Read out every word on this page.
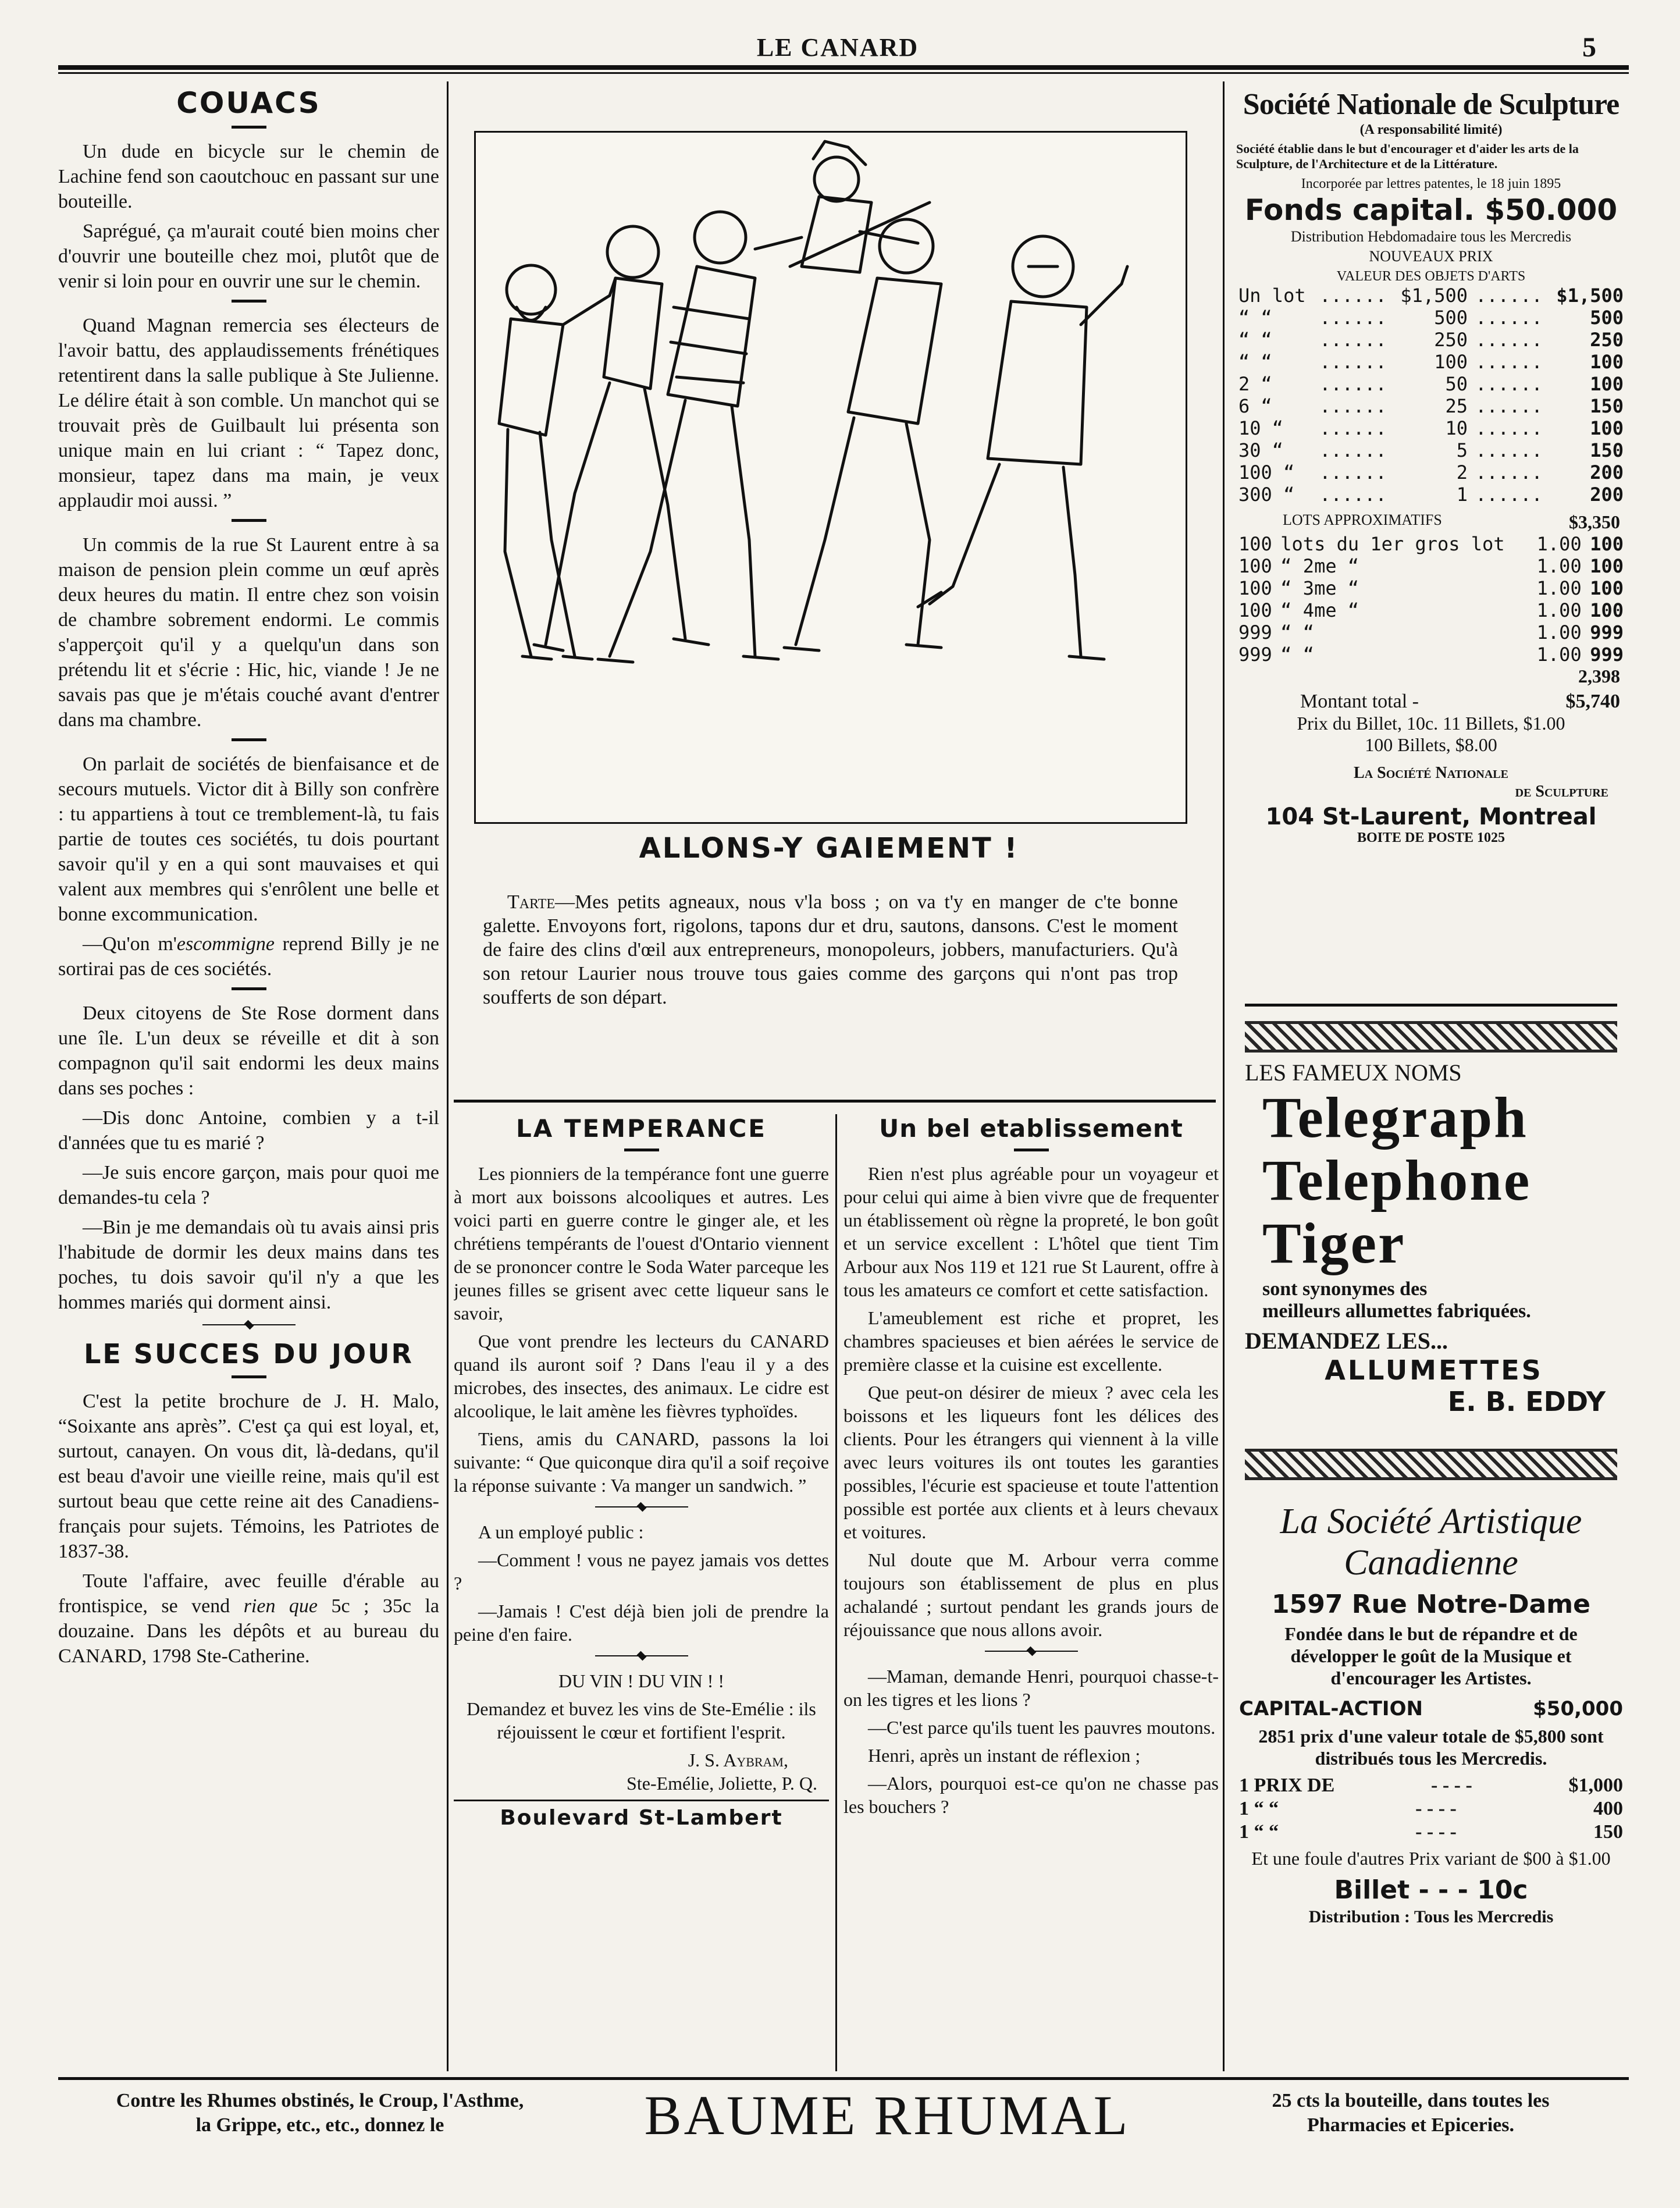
LE CANARD	5
COUACS

Un dude en bicycle sur le chemin de Lachine fend son caoutchouc en passant sur une bouteille.

Saprégué, ça m'aurait couté bien moins cher d'ouvrir une bouteille chez moi, plutôt que de venir si loin pour en ouvrir une sur le chemin.

Quand Magnan remercia ses électeurs de l'avoir battu, des applaudissements frénétiques retentirent dans la salle publique à Ste Julienne. Le délire était à son comble. Un manchot qui se trouvait près de Guilbault lui présenta son unique main en lui criant : “ Tapez donc, monsieur, tapez dans ma main, je veux applaudir moi aussi. ”

Un commis de la rue St Laurent entre à sa maison de pension plein comme un œuf après deux heures du matin. Il entre chez son voisin de chambre sobrement endormi. Le commis s'apperçoit qu'il y a quelqu'un dans son prétendu lit et s'écrie : Hic, hic, viande ! Je ne savais pas que je m'étais couché avant d'entrer dans ma chambre.

On parlait de sociétés de bienfaisance et de secours mutuels. Victor dit à Billy son confrère : tu appartiens à tout ce tremblement-là, tu fais partie de toutes ces sociétés, tu dois pourtant savoir qu'il y en a qui sont mauvaises et qui valent aux membres qui s'enrôlent une belle et bonne excommunication.

—Qu'on m'escommigne reprend Billy je ne sortirai pas de ces sociétés.

Deux citoyens de Ste Rose dorment dans une île. L'un deux se réveille et dit à son compagnon qu'il sait endormi les deux mains dans ses poches :

—Dis donc Antoine, combien y a t-il d'années que tu es marié ?

—Je suis encore garçon, mais pour quoi me demandes-tu cela ?

—Bin je me demandais où tu avais ainsi pris l'habitude de dormir les deux mains dans tes poches, tu dois savoir qu'il n'y a que les hommes mariés qui dorment ainsi.

LE SUCCES DU JOUR

C'est la petite brochure de J. H. Malo, “Soixante ans après”. C'est ça qui est loyal, et, surtout, canayen. On vous dit, là-dedans, qu'il est beau d'avoir une vieille reine, mais qu'il est surtout beau que cette reine ait des Canadiens-français pour sujets. Témoins, les Patriotes de 1837-38.

Toute l'affaire, avec feuille d'érable au frontispice, se vend rien que 5c ; 35c la douzaine. Dans les dépôts et au bureau du CANARD, 1798 Ste-Catherine.

ALLONS-Y GAIEMENT !

Tarte—Mes petits agneaux, nous v'la boss ; on va t'y en manger de c'te bonne galette. Envoyons fort, rigolons, tapons dur et dru, sautons, dansons. C'est le moment de faire des clins d'œil aux entrepreneurs, monopoleurs, jobbers, manufacturiers. Qu'à son retour Laurier nous trouve tous gaies comme des garçons qui n'ont pas trop soufferts de son départ.

LA TEMPERANCE

Les pionniers de la tempérance font une guerre à mort aux boissons alcooliques et autres. Les voici parti en guerre contre le ginger ale, et les chrétiens tempérants de l'ouest d'Ontario viennent de se prononcer contre le Soda Water parceque les jeunes filles se grisent avec cette liqueur sans le savoir,

Que vont prendre les lecteurs du CANARD quand ils auront soif ? Dans l'eau il y a des microbes, des insectes, des animaux. Le cidre est alcoolique, le lait amène les fièvres typhoïdes.

Tiens, amis du CANARD, passons la loi suivante: “ Que quiconque dira qu'il a soif reçoive la réponse suivante : Va manger un sandwich. ”

A un employé public :

—Comment ! vous ne payez jamais vos dettes ?

—Jamais ! C'est déjà bien joli de prendre la peine d'en faire.

DU VIN ! DU VIN ! !

Demandez et buvez les vins de Ste-Emélie : ils réjouissent le cœur et fortifient l'esprit.

J. S. Aybram,

Ste-Emélie, Joliette, P. Q.

Boulevard St-Lambert
Un bel etablissement

Rien n'est plus agréable pour un voyageur et pour celui qui aime à bien vivre que de frequenter un établissement où règne la propreté, le bon goût et un service excellent : L'hôtel que tient Tim Arbour aux Nos 119 et 121 rue St Laurent, offre à tous les amateurs ce comfort et cette satisfaction.

L'ameublement est riche et propret, les chambres spacieuses et bien aérées le service de première classe et la cuisine est excellente.

Que peut-on désirer de mieux ? avec cela les boissons et les liqueurs font les délices des clients. Pour les étrangers qui viennent à la ville avec leurs voitures ils ont toutes les garanties possibles, l'écurie est spacieuse et toute l'attention possible est portée aux clients et à leurs chevaux et voitures.

Nul doute que M. Arbour verra comme toujours son établissement de plus en plus achalandé ; surtout pendant les grands jours de réjouissance que nous allons avoir.

—Maman, demande Henri, pourquoi chasse-t-on les tigres et les lions ?

—C'est parce qu'ils tuent les pauvres moutons.

Henri, après un instant de réflexion ;

—Alors, pourquoi est-ce qu'on ne chasse pas les bouchers ?

Société Nationale de Sculpture
(A responsabilité limité)
Société établie dans le but d'encourager et d'aider les arts de la Sculpture, de l'Architecture et de la Littérature.
Incorporée par lettres patentes, le 18 juin 1895
Fonds capital. $50.000
Distribution Hebdomadaire tous les Mercredis
NOUVEAUX PRIX
VALEUR DES OBJETS D'ARTS
Un lot	......	$1,500	......	$1,500
“ “	......	500	......	500
“ “	......	250	......	250
“ “	......	100	......	100
2 “	......	50	......	100
6 “	......	25	......	150
10 “	......	10	......	100
30 “	......	5	......	150
100 “	......	2	......	200
300 “	......	1	......	200
LOTS APPROXIMATIFS	$3,350
100	lots du 1er gros lot	1.00	100
100	“ 2me “	1.00	100
100	“ 3me “	1.00	100
100	“ 4me “	1.00	100
999	“ “	1.00	999
999	“ “	1.00	999
2,398
Montant total -	$5,740
Prix du Billet, 10c. 11 Billets, $1.00
100 Billets, $8.00
La Société Nationale
de Sculpture
104 St-Laurent, Montreal
BOITE DE POSTE 1025
LES FAMEUX NOMS
Telegraph
Telephone
Tiger
sont synonymes des
meilleurs allumettes fabriquées.
DEMANDEZ LES...
ALLUMETTES
E. B. EDDY
La Société Artistique
Canadienne
1597 Rue Notre-Dame
Fondée dans le but de répandre et de développer le goût de la Musique et d'encourager les Artistes.
CAPITAL-ACTION	$50,000
2851 prix d'une valeur totale de $5,800 sont distribués tous les Mercredis.
1 PRIX DE	- - - -	$1,000
1 “ “	- - - -	400
1 “ “	- - - -	150
Et une foule d'autres Prix variant de $00 à $1.00
Billet - - - 10c
Distribution : Tous les Mercredis
Contre les Rhumes obstinés, le Croup, l'Asthme,
la Grippe, etc., etc., donnez le	BAUME RHUMAL	25 cts la bouteille, dans toutes les
Pharmacies et Epiceries.
